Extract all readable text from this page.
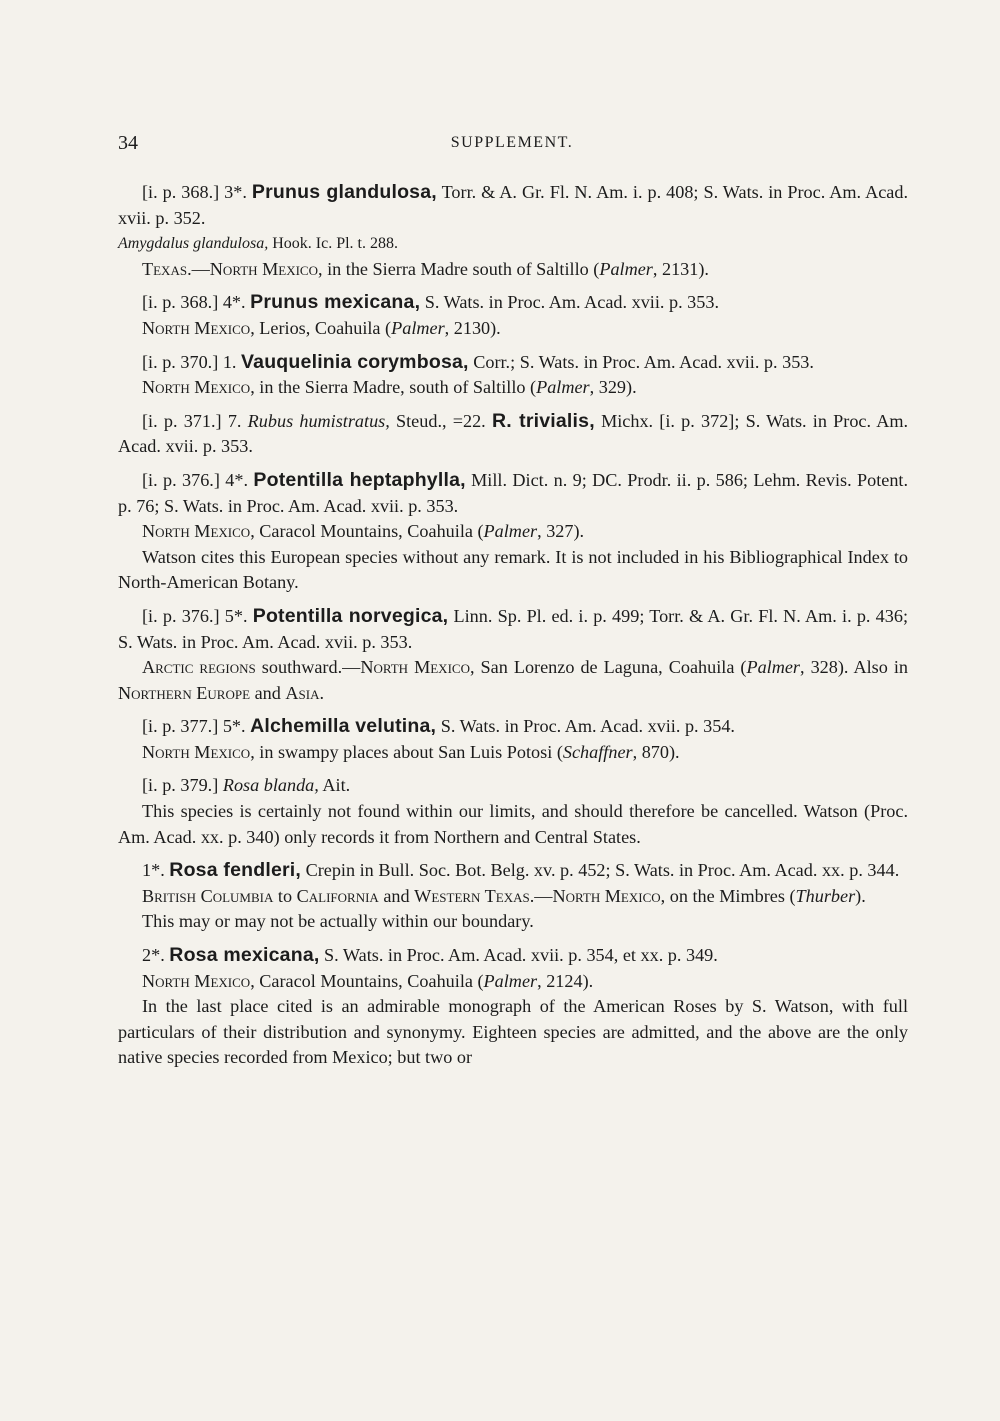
34	SUPPLEMENT.

[i. p. 368.] 3*. Prunus glandulosa, Torr. & A. Gr. Fl. N. Am. i. p. 408; S. Wats. in Proc. Am. Acad. xvii. p. 352.

Amygdalus glandulosa, Hook. Ic. Pl. t. 288.

Texas.—North Mexico, in the Sierra Madre south of Saltillo (Palmer, 2131).

[i. p. 368.] 4*. Prunus mexicana, S. Wats. in Proc. Am. Acad. xvii. p. 353.

North Mexico, Lerios, Coahuila (Palmer, 2130).

[i. p. 370.] 1. Vauquelinia corymbosa, Corr.; S. Wats. in Proc. Am. Acad. xvii. p. 353.

North Mexico, in the Sierra Madre, south of Saltillo (Palmer, 329).

[i. p. 371.] 7. Rubus humistratus, Steud., =22. R. trivialis, Michx. [i. p. 372]; S. Wats. in Proc. Am. Acad. xvii. p. 353.

[i. p. 376.] 4*. Potentilla heptaphylla, Mill. Dict. n. 9; DC. Prodr. ii. p. 586; Lehm. Revis. Potent. p. 76; S. Wats. in Proc. Am. Acad. xvii. p. 353.

North Mexico, Caracol Mountains, Coahuila (Palmer, 327).

Watson cites this European species without any remark. It is not included in his Bibliographical Index to North-American Botany.

[i. p. 376.] 5*. Potentilla norvegica, Linn. Sp. Pl. ed. i. p. 499; Torr. & A. Gr. Fl. N. Am. i. p. 436; S. Wats. in Proc. Am. Acad. xvii. p. 353.

Arctic regions southward.—North Mexico, San Lorenzo de Laguna, Coahuila (Palmer, 328). Also in Northern Europe and Asia.

[i. p. 377.] 5*. Alchemilla velutina, S. Wats. in Proc. Am. Acad. xvii. p. 354.

North Mexico, in swampy places about San Luis Potosi (Schaffner, 870).

[i. p. 379.] Rosa blanda, Ait.

This species is certainly not found within our limits, and should therefore be cancelled. Watson (Proc. Am. Acad. xx. p. 340) only records it from Northern and Central States.

1*. Rosa fendleri, Crepin in Bull. Soc. Bot. Belg. xv. p. 452; S. Wats. in Proc. Am. Acad. xx. p. 344.

British Columbia to California and Western Texas.—North Mexico, on the Mimbres (Thurber).

This may or may not be actually within our boundary.

2*. Rosa mexicana, S. Wats. in Proc. Am. Acad. xvii. p. 354, et xx. p. 349.

North Mexico, Caracol Mountains, Coahuila (Palmer, 2124).

In the last place cited is an admirable monograph of the American Roses by S. Watson, with full particulars of their distribution and synonymy. Eighteen species are admitted, and the above are the only native species recorded from Mexico; but two or
